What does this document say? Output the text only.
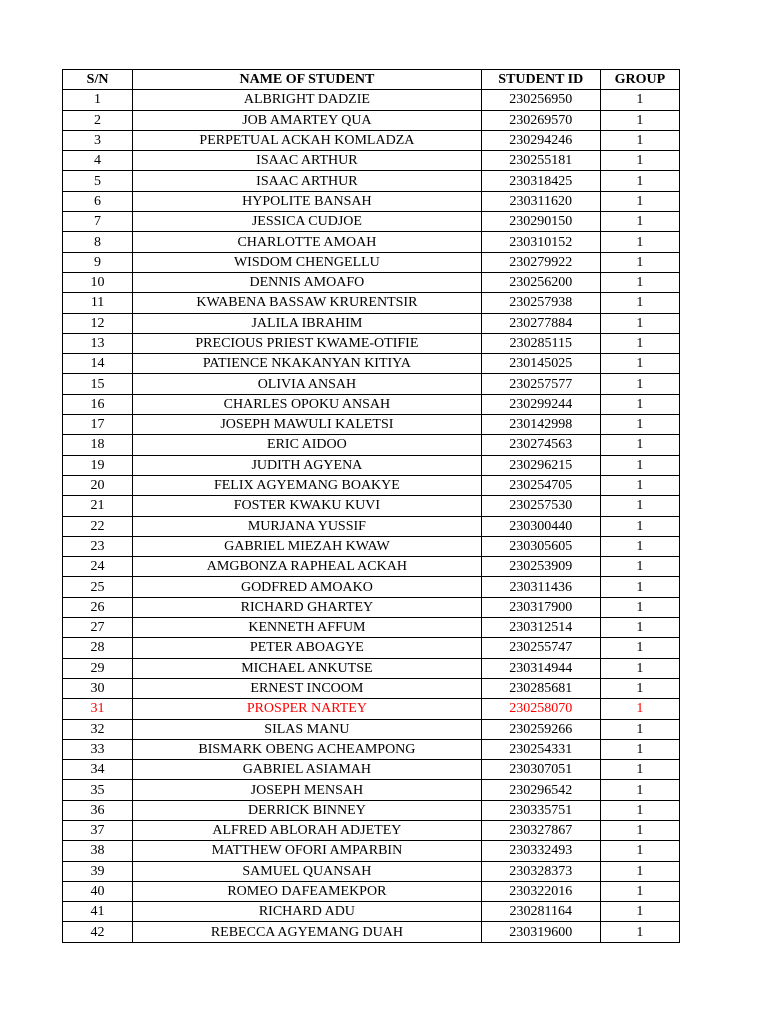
S/N	NAME OF STUDENT	STUDENT ID	GROUP
1	ALBRIGHT DADZIE	230256950	1
2	JOB AMARTEY QUA	230269570	1
3	PERPETUAL ACKAH KOMLADZA	230294246	1
4	ISAAC ARTHUR	230255181	1
5	ISAAC ARTHUR	230318425	1
6	HYPOLITE BANSAH	230311620	1
7	JESSICA CUDJOE	230290150	1
8	CHARLOTTE AMOAH	230310152	1
9	WISDOM CHENGELLU	230279922	1
10	DENNIS AMOAFO	230256200	1
11	KWABENA BASSAW KRURENTSIR	230257938	1
12	JALILA IBRAHIM	230277884	1
13	PRECIOUS PRIEST KWAME-OTIFIE	230285115	1
14	PATIENCE NKAKANYAN KITIYA	230145025	1
15	OLIVIA ANSAH	230257577	1
16	CHARLES OPOKU ANSAH	230299244	1
17	JOSEPH MAWULI KALETSI	230142998	1
18	ERIC AIDOO	230274563	1
19	JUDITH AGYENA	230296215	1
20	FELIX AGYEMANG BOAKYE	230254705	1
21	FOSTER KWAKU KUVI	230257530	1
22	MURJANA YUSSIF	230300440	1
23	GABRIEL MIEZAH KWAW	230305605	1
24	AMGBONZA RAPHEAL ACKAH	230253909	1
25	GODFRED AMOAKO	230311436	1
26	RICHARD GHARTEY	230317900	1
27	KENNETH AFFUM	230312514	1
28	PETER ABOAGYE	230255747	1
29	MICHAEL ANKUTSE	230314944	1
30	ERNEST INCOOM	230285681	1
31	PROSPER NARTEY	230258070	1
32	SILAS MANU	230259266	1
33	BISMARK OBENG ACHEAMPONG	230254331	1
34	GABRIEL ASIAMAH	230307051	1
35	JOSEPH MENSAH	230296542	1
36	DERRICK BINNEY	230335751	1
37	ALFRED ABLORAH ADJETEY	230327867	1
38	MATTHEW OFORI AMPARBIN	230332493	1
39	SAMUEL QUANSAH	230328373	1
40	ROMEO DAFEAMEKPOR	230322016	1
41	RICHARD ADU	230281164	1
42	REBECCA AGYEMANG DUAH	230319600	1
